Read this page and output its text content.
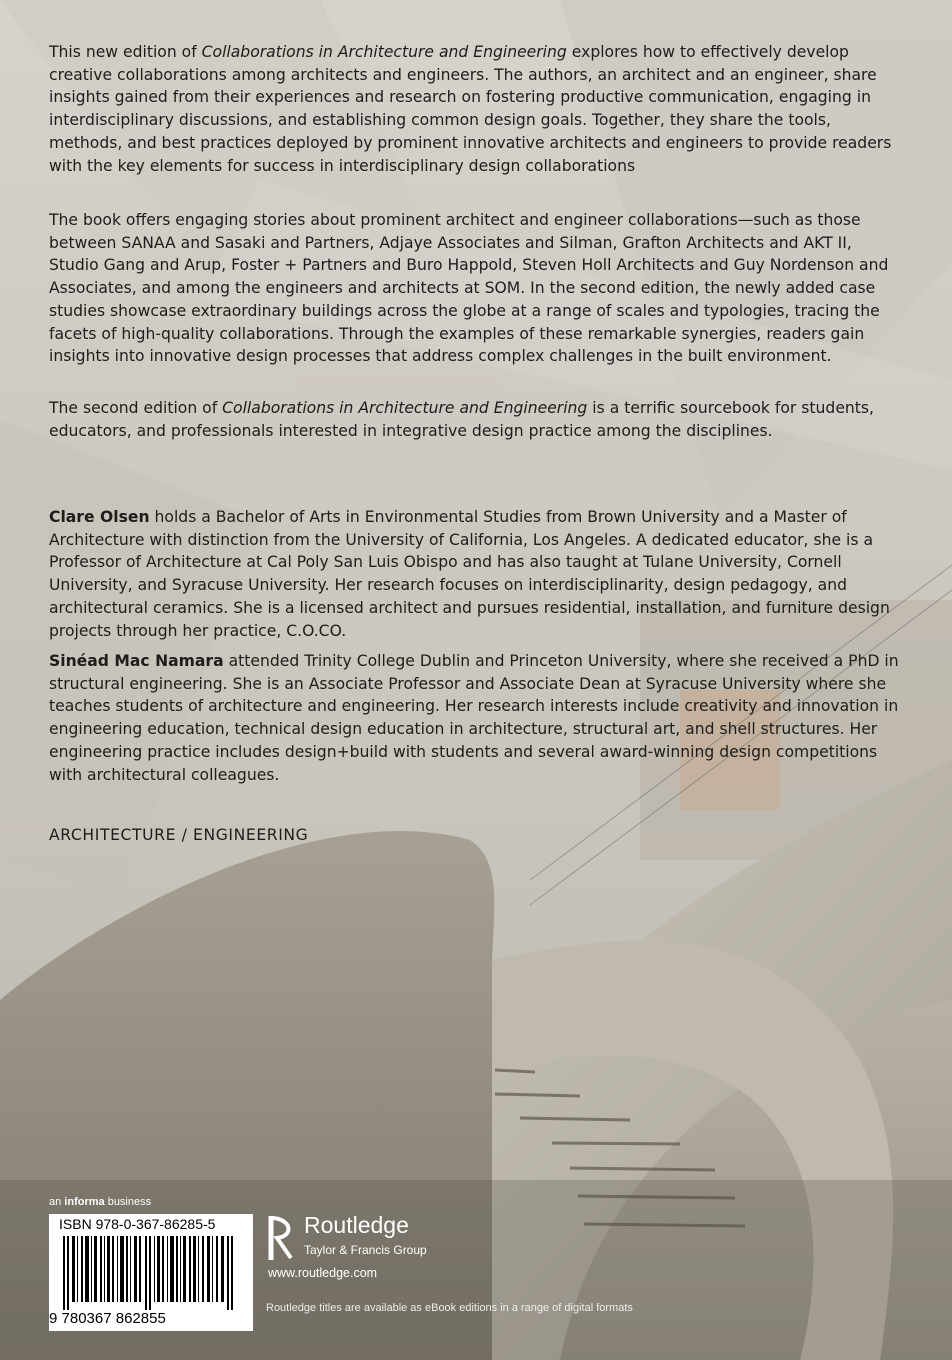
This new edition of Collaborations in Architecture and Engineering explores how to effectively develop creative collaborations among architects and engineers. The authors, an architect and an engineer, share insights gained from their experiences and research on fostering productive communication, engaging in interdisciplinary discussions, and establishing common design goals. Together, they share the tools, methods, and best practices deployed by prominent innovative architects and engineers to provide readers with the key elements for success in interdisciplinary design collaborations
The book offers engaging stories about prominent architect and engineer collaborations—such as those between SANAA and Sasaki and Partners, Adjaye Associates and Silman, Grafton Architects and AKT II, Studio Gang and Arup, Foster + Partners and Buro Happold, Steven Holl Architects and Guy Nordenson and Associates, and among the engineers and architects at SOM. In the second edition, the newly added case studies showcase extraordinary buildings across the globe at a range of scales and typologies, tracing the facets of high-quality collaborations. Through the examples of these remarkable synergies, readers gain insights into innovative design processes that address complex challenges in the built environment.
The second edition of Collaborations in Architecture and Engineering is a terrific sourcebook for students, educators, and professionals interested in integrative design practice among the disciplines.
Clare Olsen holds a Bachelor of Arts in Environmental Studies from Brown University and a Master of Architecture with distinction from the University of California, Los Angeles. A dedicated educator, she is a Professor of Architecture at Cal Poly San Luis Obispo and has also taught at Tulane University, Cornell University, and Syracuse University. Her research focuses on interdisciplinarity, design pedagogy, and architectural ceramics. She is a licensed architect and pursues residential, installation, and furniture design projects through her practice, C.O.CO.
Sinéad Mac Namara attended Trinity College Dublin and Princeton University, where she received a PhD in structural engineering. She is an Associate Professor and Associate Dean at Syracuse University where she teaches students of architecture and engineering. Her research interests include creativity and innovation in engineering education, technical design education in architecture, structural art, and shell structures. Her engineering practice includes design+build with students and several award-winning design competitions with architectural colleagues.
ARCHITECTURE / ENGINEERING
an informa business
ISBN 978-0-367-86285-5
9 780367 862855
Routledge
Taylor & Francis Group
www.routledge.com
Routledge titles are available as eBook editions in a range of digital formats
